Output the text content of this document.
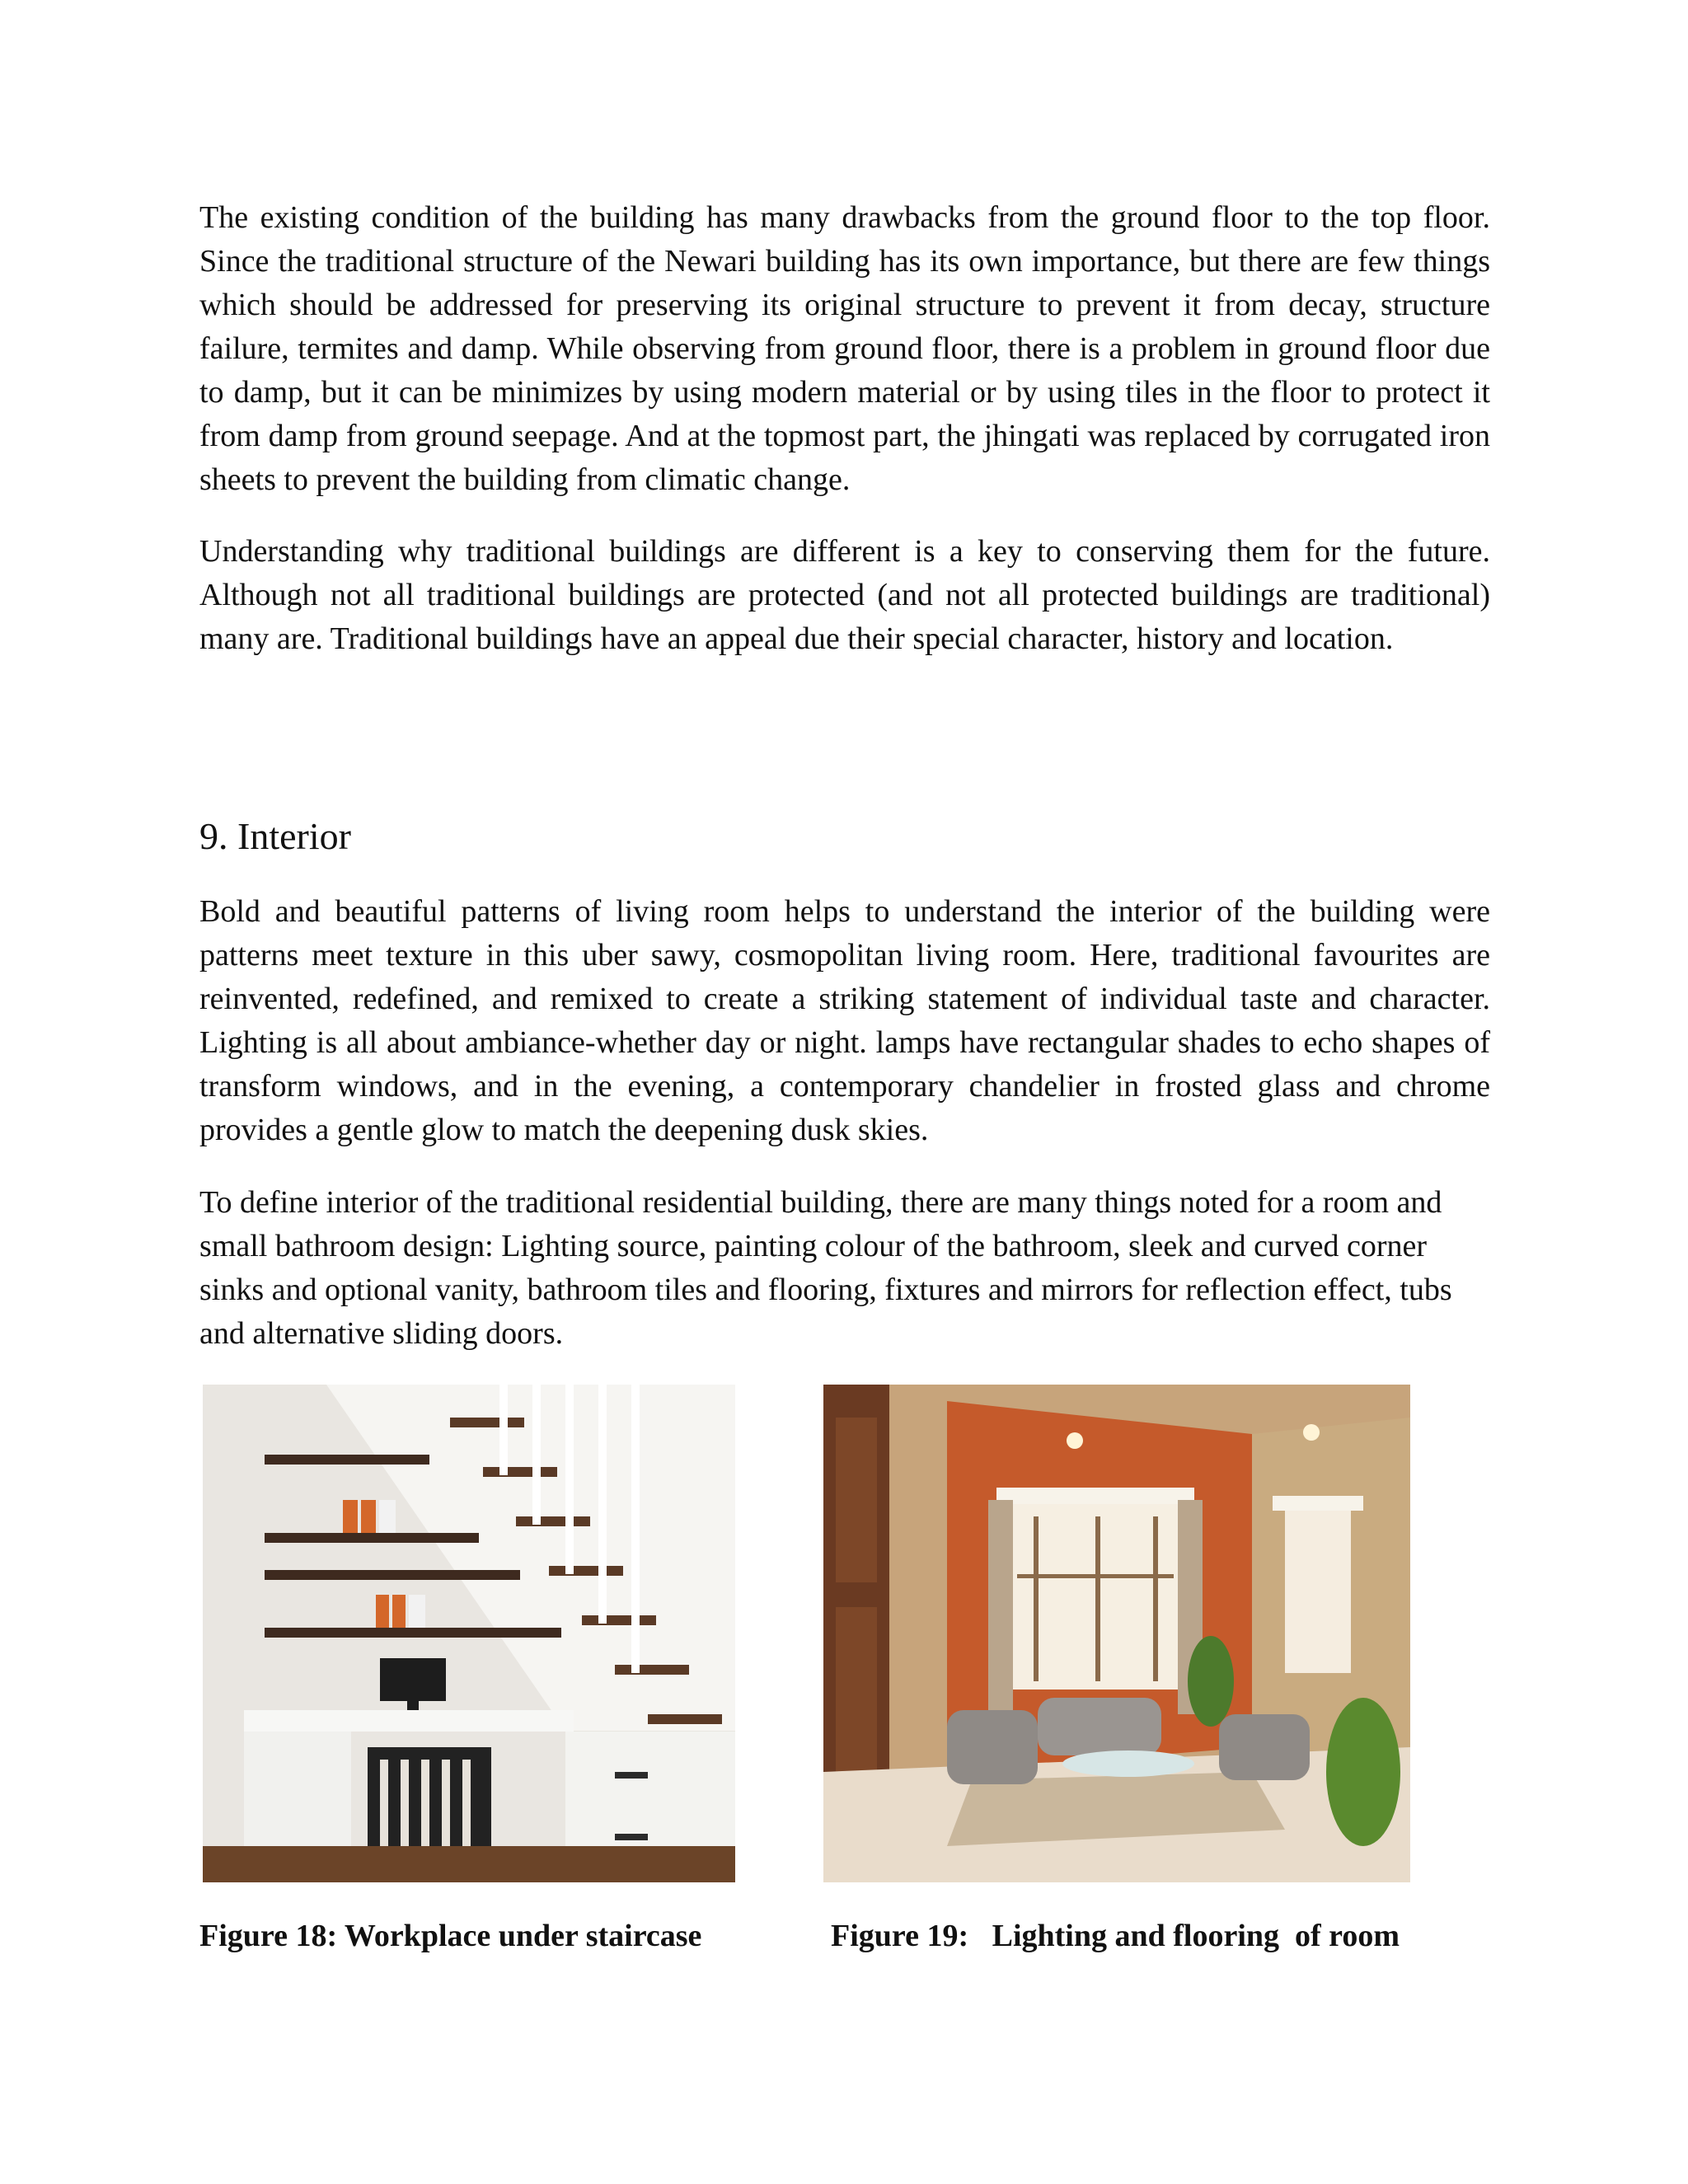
The existing condition of the building has many drawbacks from the ground floor to the top floor. Since the traditional structure of the Newari building has its own importance, but there are few things which should be addressed for preserving its original structure to prevent it from decay, structure failure, termites and damp. While observing from ground floor, there is a problem in ground floor due to damp, but it can be minimizes by using modern material or by using tiles in the floor to protect it from damp from ground seepage. And at the topmost part, the jhingati was replaced by corrugated iron sheets to prevent the building from climatic change.

Understanding why traditional buildings are different is a key to conserving them for the future. Although not all traditional buildings are protected (and not all protected buildings are traditional) many are. Traditional buildings have an appeal due their special character, history and location.

9. Interior

Bold and beautiful patterns of living room helps to understand the interior of the building were patterns meet texture in this uber sawy, cosmopolitan living room. Here, traditional favourites are reinvented, redefined, and remixed to create a striking statement of individual taste and character. Lighting is all about ambiance-whether day or night. lamps have rectangular shades to echo shapes of transform windows, and in the evening, a contemporary chandelier in frosted glass and chrome provides a gentle glow to match the deepening dusk skies.

To define interior of the traditional residential building, there are many things noted for a room and small bathroom design: Lighting source, painting colour of the bathroom, sleek and curved corner sinks and optional vanity, bathroom tiles and flooring, fixtures and mirrors for reflection effect, tubs and alternative sliding doors.

Figure 18: Workplace under staircase	Figure 19:   Lighting and flooring  of room
